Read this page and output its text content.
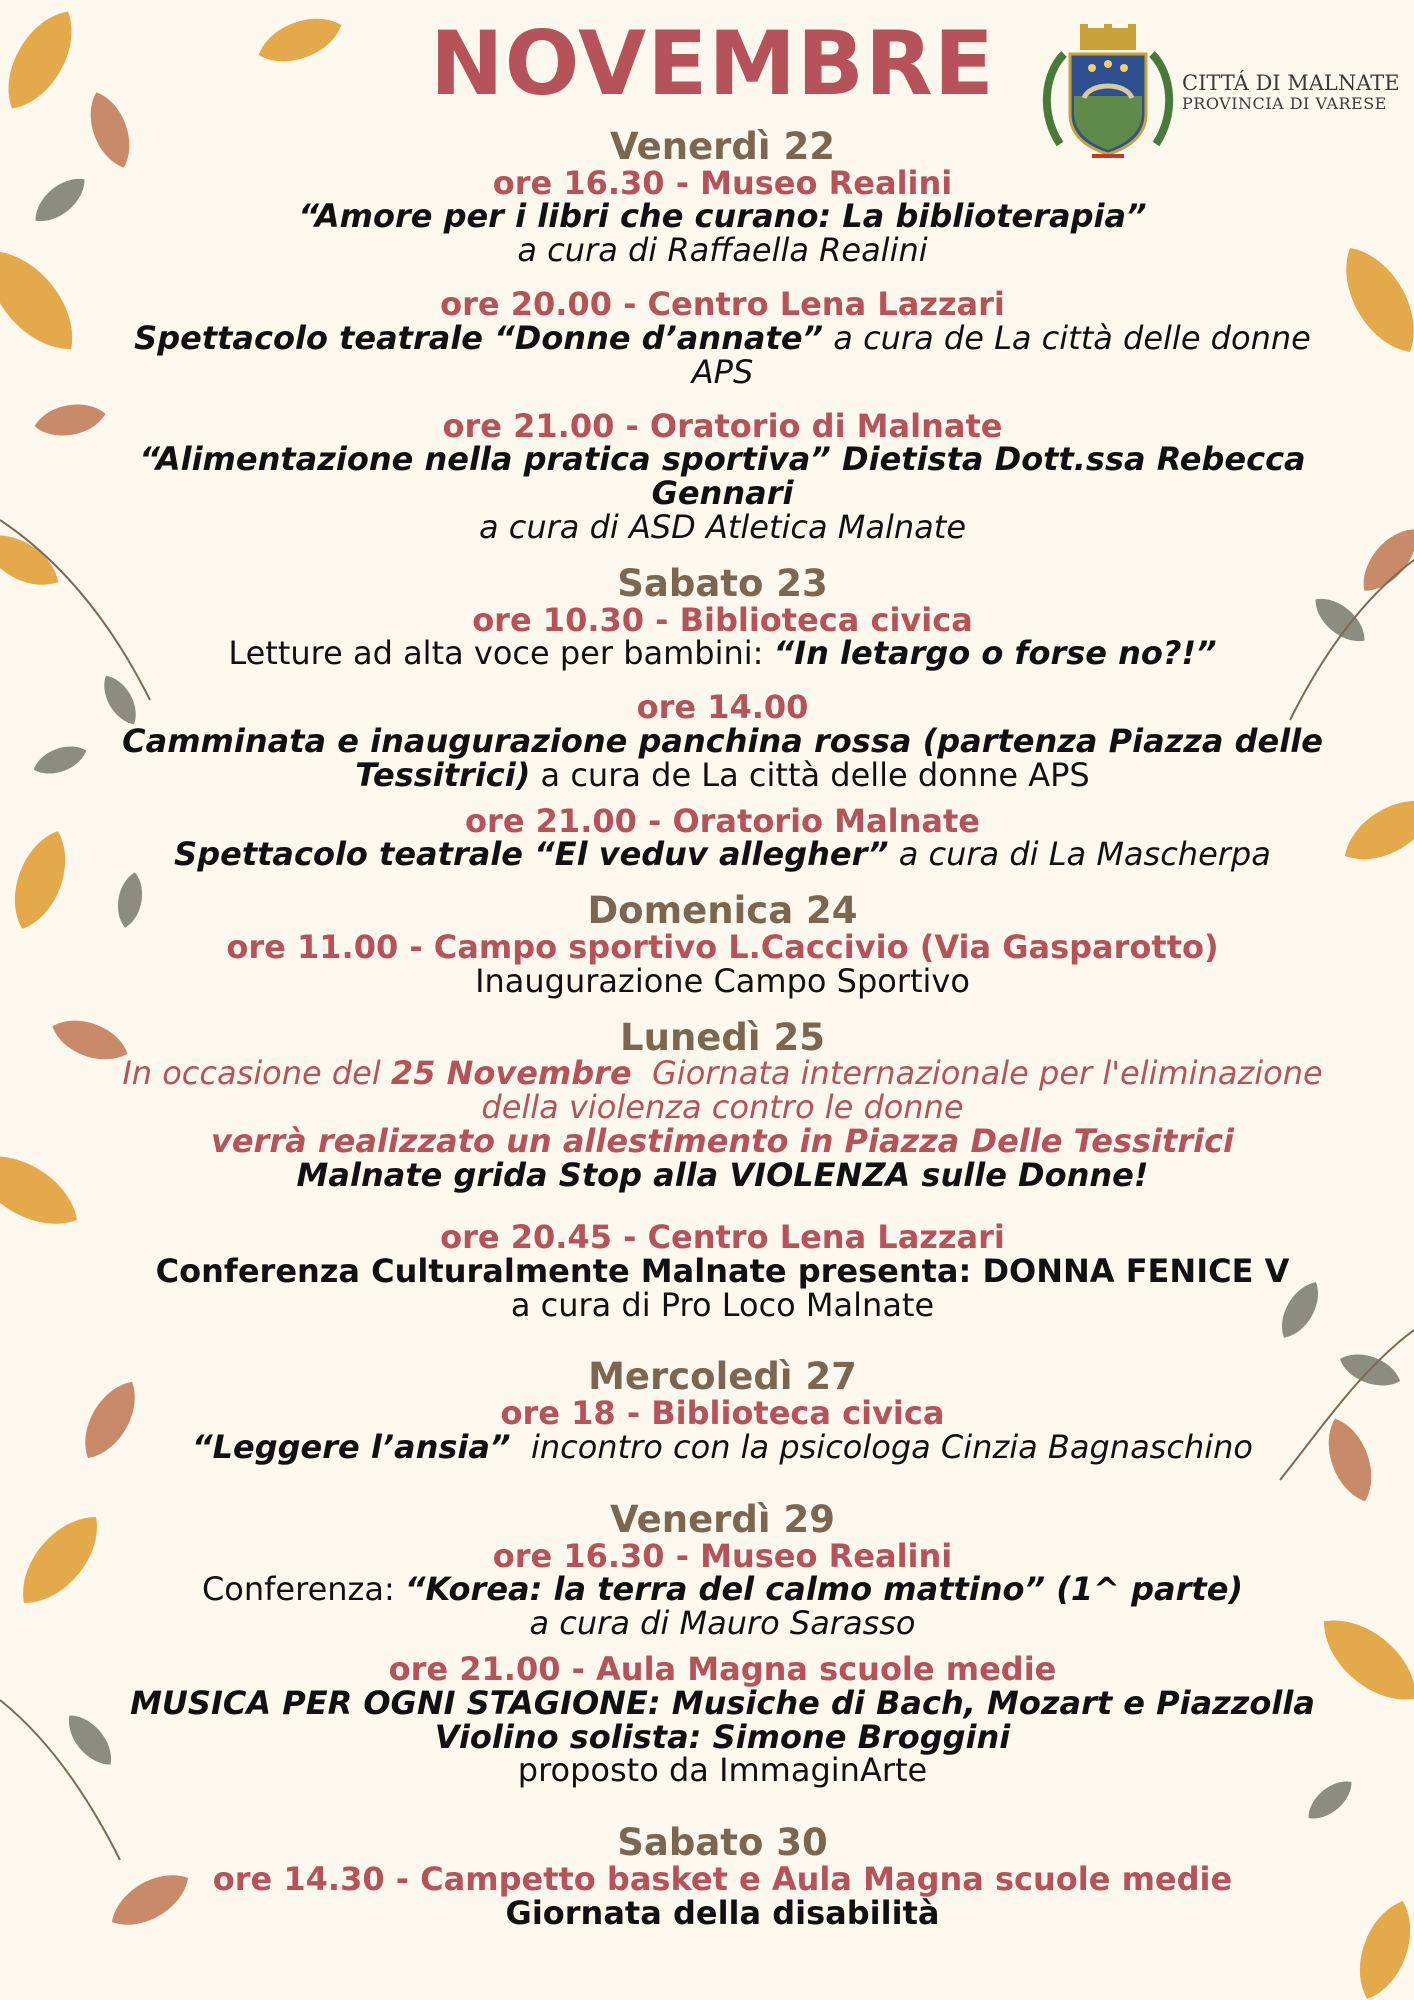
NOVEMBRE	CITTÁ DI MALNATE
PROVINCIA DI VARESE
Venerdì 22
ore 16.30 - Museo Realini
“Amore per i libri che curano: La biblioterapia”
a cura di Raffaella Realini
ore 20.00 - Centro Lena Lazzari
Spettacolo teatrale “Donne d’annate” a cura de La città delle donne APS
ore 21.00 - Oratorio di Malnate
“Alimentazione nella pratica sportiva” Dietista Dott.ssa Rebecca Gennari
a cura di ASD Atletica Malnate
Sabato 23
ore 10.30 - Biblioteca civica
Letture ad alta voce per bambini: “In letargo o forse no?!”
ore 14.00
Camminata e inaugurazione panchina rossa (partenza Piazza delle
Tessitrici) a cura de La città delle donne APS
ore 21.00 - Oratorio Malnate
Spettacolo teatrale “El veduv allegher” a cura di La Mascherpa
Domenica 24
ore 11.00 - Campo sportivo L.Caccivio (Via Gasparotto)
Inaugurazione Campo Sportivo
Lunedì 25
In occasione del 25 Novembre Giornata internazionale per l'eliminazione
della violenza contro le donne
verrà realizzato un allestimento in Piazza Delle Tessitrici
Malnate grida Stop alla VIOLENZA sulle Donne!
ore 20.45 - Centro Lena Lazzari
Conferenza Culturalmente Malnate presenta: DONNA FENICE V
a cura di Pro Loco Malnate
Mercoledì 27
ore 18 - Biblioteca civica
“Leggere l’ansia” incontro con la psicologa Cinzia Bagnaschino
Venerdì 29
ore 16.30 - Museo Realini
Conferenza: “Korea: la terra del calmo mattino” (1^ parte)
a cura di Mauro Sarasso
ore 21.00 - Aula Magna scuole medie
MUSICA PER OGNI STAGIONE: Musiche di Bach, Mozart e Piazzolla
Violino solista: Simone Broggini
proposto da ImmaginArte
Sabato 30
ore 14.30 - Campetto basket e Aula Magna scuole medie
Giornata della disabilità
